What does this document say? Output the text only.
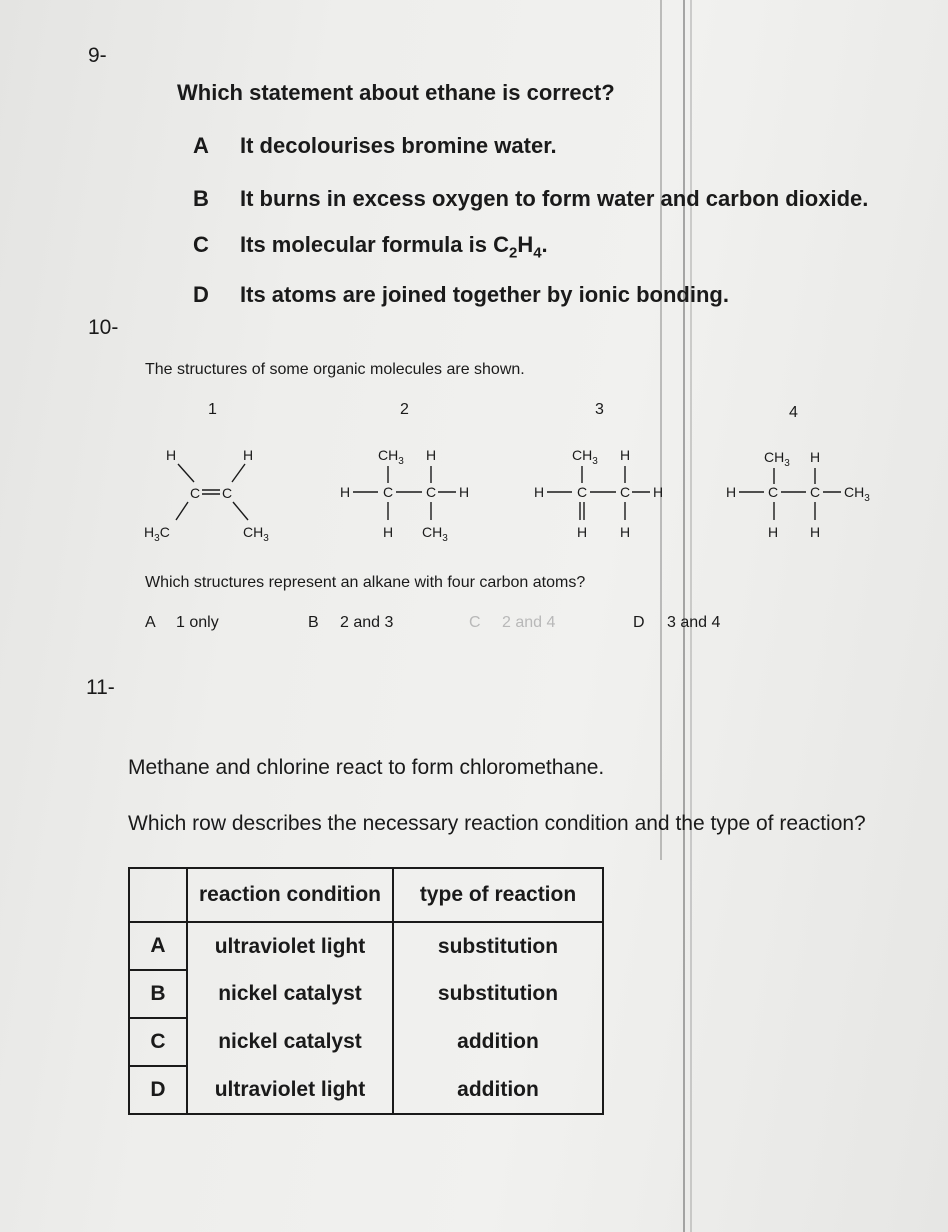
9-
Which statement about ethane is correct?
A It decolourises bromine water.
B It burns in excess oxygen to form water and carbon dioxide.
C Its molecular formula is $C_2H_4$.
D Its atoms are joined together by ionic bonding.
10-
The structures of some organic molecules are shown.
1	2	3	4
H	H
C C
$H_3C$	$CH_3$
$CH_3$ H
H C C H
H $CH_3$
$CH_3$ H
H C C H
H H
$CH_3$ H
H C C $CH_3$
H H
Which structures represent an alkane with four carbon atoms?
A 1 only	B 2 and 3	C 2 and 4	D 3 and 4
11-
Methane and chlorine react to form chloromethane.
Which row describes the necessary reaction condition and the type of reaction?
	reaction condition	type of reaction
A	ultraviolet light	substitution
B	nickel catalyst	substitution
C	nickel catalyst	addition
D	ultraviolet light	addition
